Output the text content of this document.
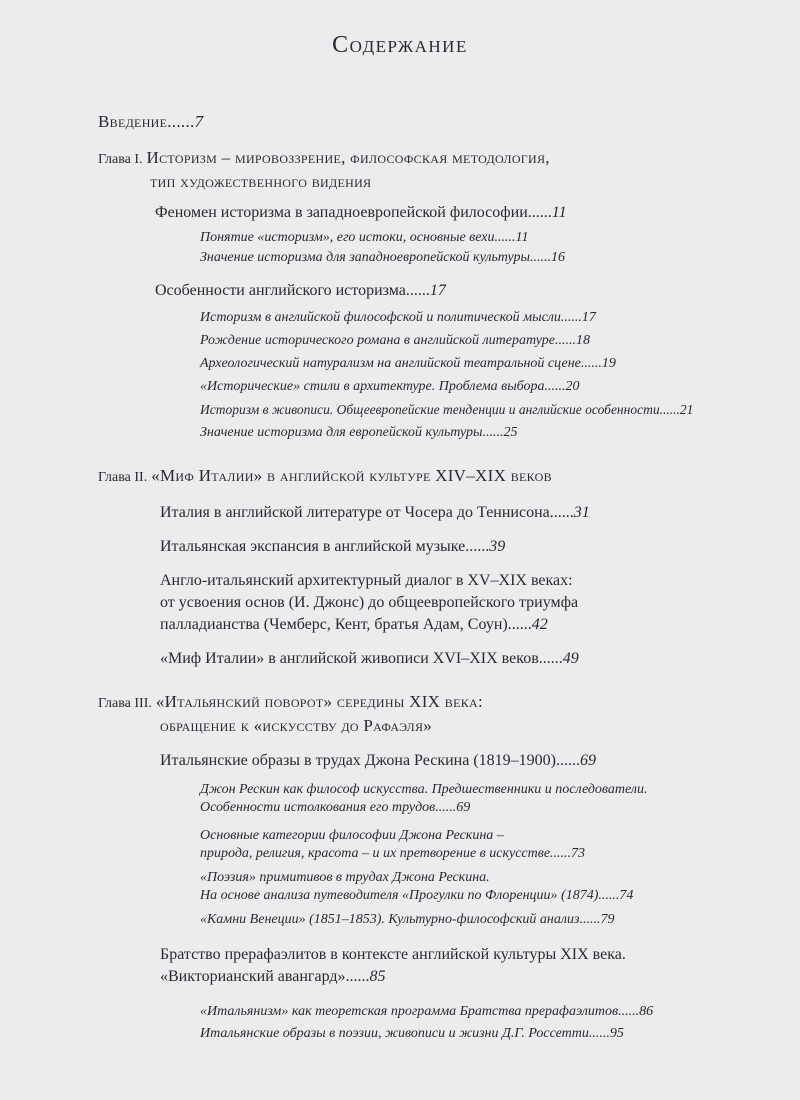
Содержание
Введение......7
Глава I. Историзм – мировоззрение, философская методология,
тип художественного видения
Феномен историзма в западноевропейской философии......11
Понятие «историзм», его истоки, основные вехи......11
Значение историзма для западноевропейской культуры......16
Особенности английского историзма......17
Историзм в английской философской и политической мысли......17
Рождение исторического романа в английской литературе......18
Археологический натурализм на английской театральной сцене......19
«Исторические» стили в архитектуре. Проблема выбора......20
Историзм в живописи. Общеевропейские тенденции и английские особенности......21
Значение историзма для европейской культуры......25
Глава II. «Миф Италии» в английской культуре XIV–XIX веков
Италия в английской литературе от Чосера до Теннисона......31
Итальянская экспансия в английской музыке......39
Англо-итальянский архитектурный диалог в XV–XIX веках:
от усвоения основ (И. Джонс) до общеевропейского триумфа
палладианства (Чемберс, Кент, братья Адам, Соун)......42
«Миф Италии» в английской живописи XVI–XIX веков......49
Глава III. «Итальянский поворот» середины XIX века:
обращение к «искусству до Рафаэля»
Итальянские образы в трудах Джона Рескина (1819–1900)......69
Джон Рескин как философ искусства. Предшественники и последователи.
Особенности истолкования его трудов......69
Основные категории философии Джона Рескина –
природа, религия, красота – и их претворение в искусстве......73
«Поэзия» примитивов в трудах Джона Рескина.
На основе анализа путеводителя «Прогулки по Флоренции» (1874)......74
«Камни Венеции» (1851–1853). Культурно-философский анализ......79
Братство прерафаэлитов в контексте английской культуры XIX века.
«Викторианский авангард»......85
«Итальянизм» как теоретская программа Братства прерафаэлитов......86
Итальянские образы в поэзии, живописи и жизни Д.Г. Россетти......95
